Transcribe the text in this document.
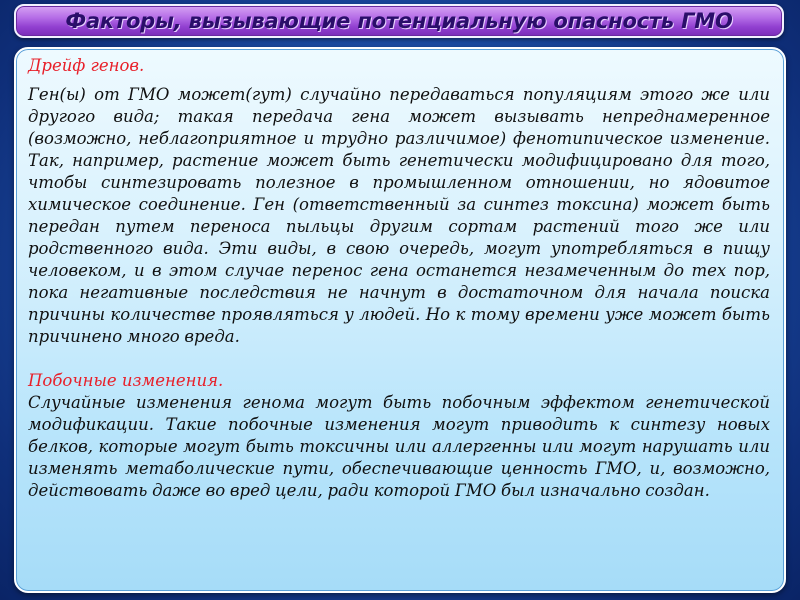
Факторы, вызывающие потенциальную опасность ГМО

Дрейф генов.

Ген(ы) от ГМО может(гут) случайно передаваться популяциям этого же или другого вида; такая передача гена может вызывать непреднамеренное (возможно, неблагоприятное и трудно различимое) фенотипическое изменение. Так, например, растение может быть генетически модифицировано для того, чтобы синтезировать полезное в промышленном отношении, но ядовитое химическое соединение. Ген (ответственный за синтез токсина) может быть передан путем переноса пыльцы другим сортам растений того же или родственного вида. Эти виды, в свою очередь, могут употребляться в пищу человеком, и в этом случае перенос гена останется незамеченным до тех пор, пока негативные последствия не начнут в достаточном для начала поиска причины количестве проявляться у людей. Но к тому времени уже может быть причинено много вреда.

Побочные изменения.

Случайные изменения генома могут быть побочным эффектом генетической модификации. Такие побочные изменения могут приводить к синтезу новых белков, которые могут быть токсичны или аллергенны или могут нарушать или изменять метаболические пути, обеспечивающие ценность ГМО, и, возможно, действовать даже во вред цели, ради которой ГМО был изначально создан.
